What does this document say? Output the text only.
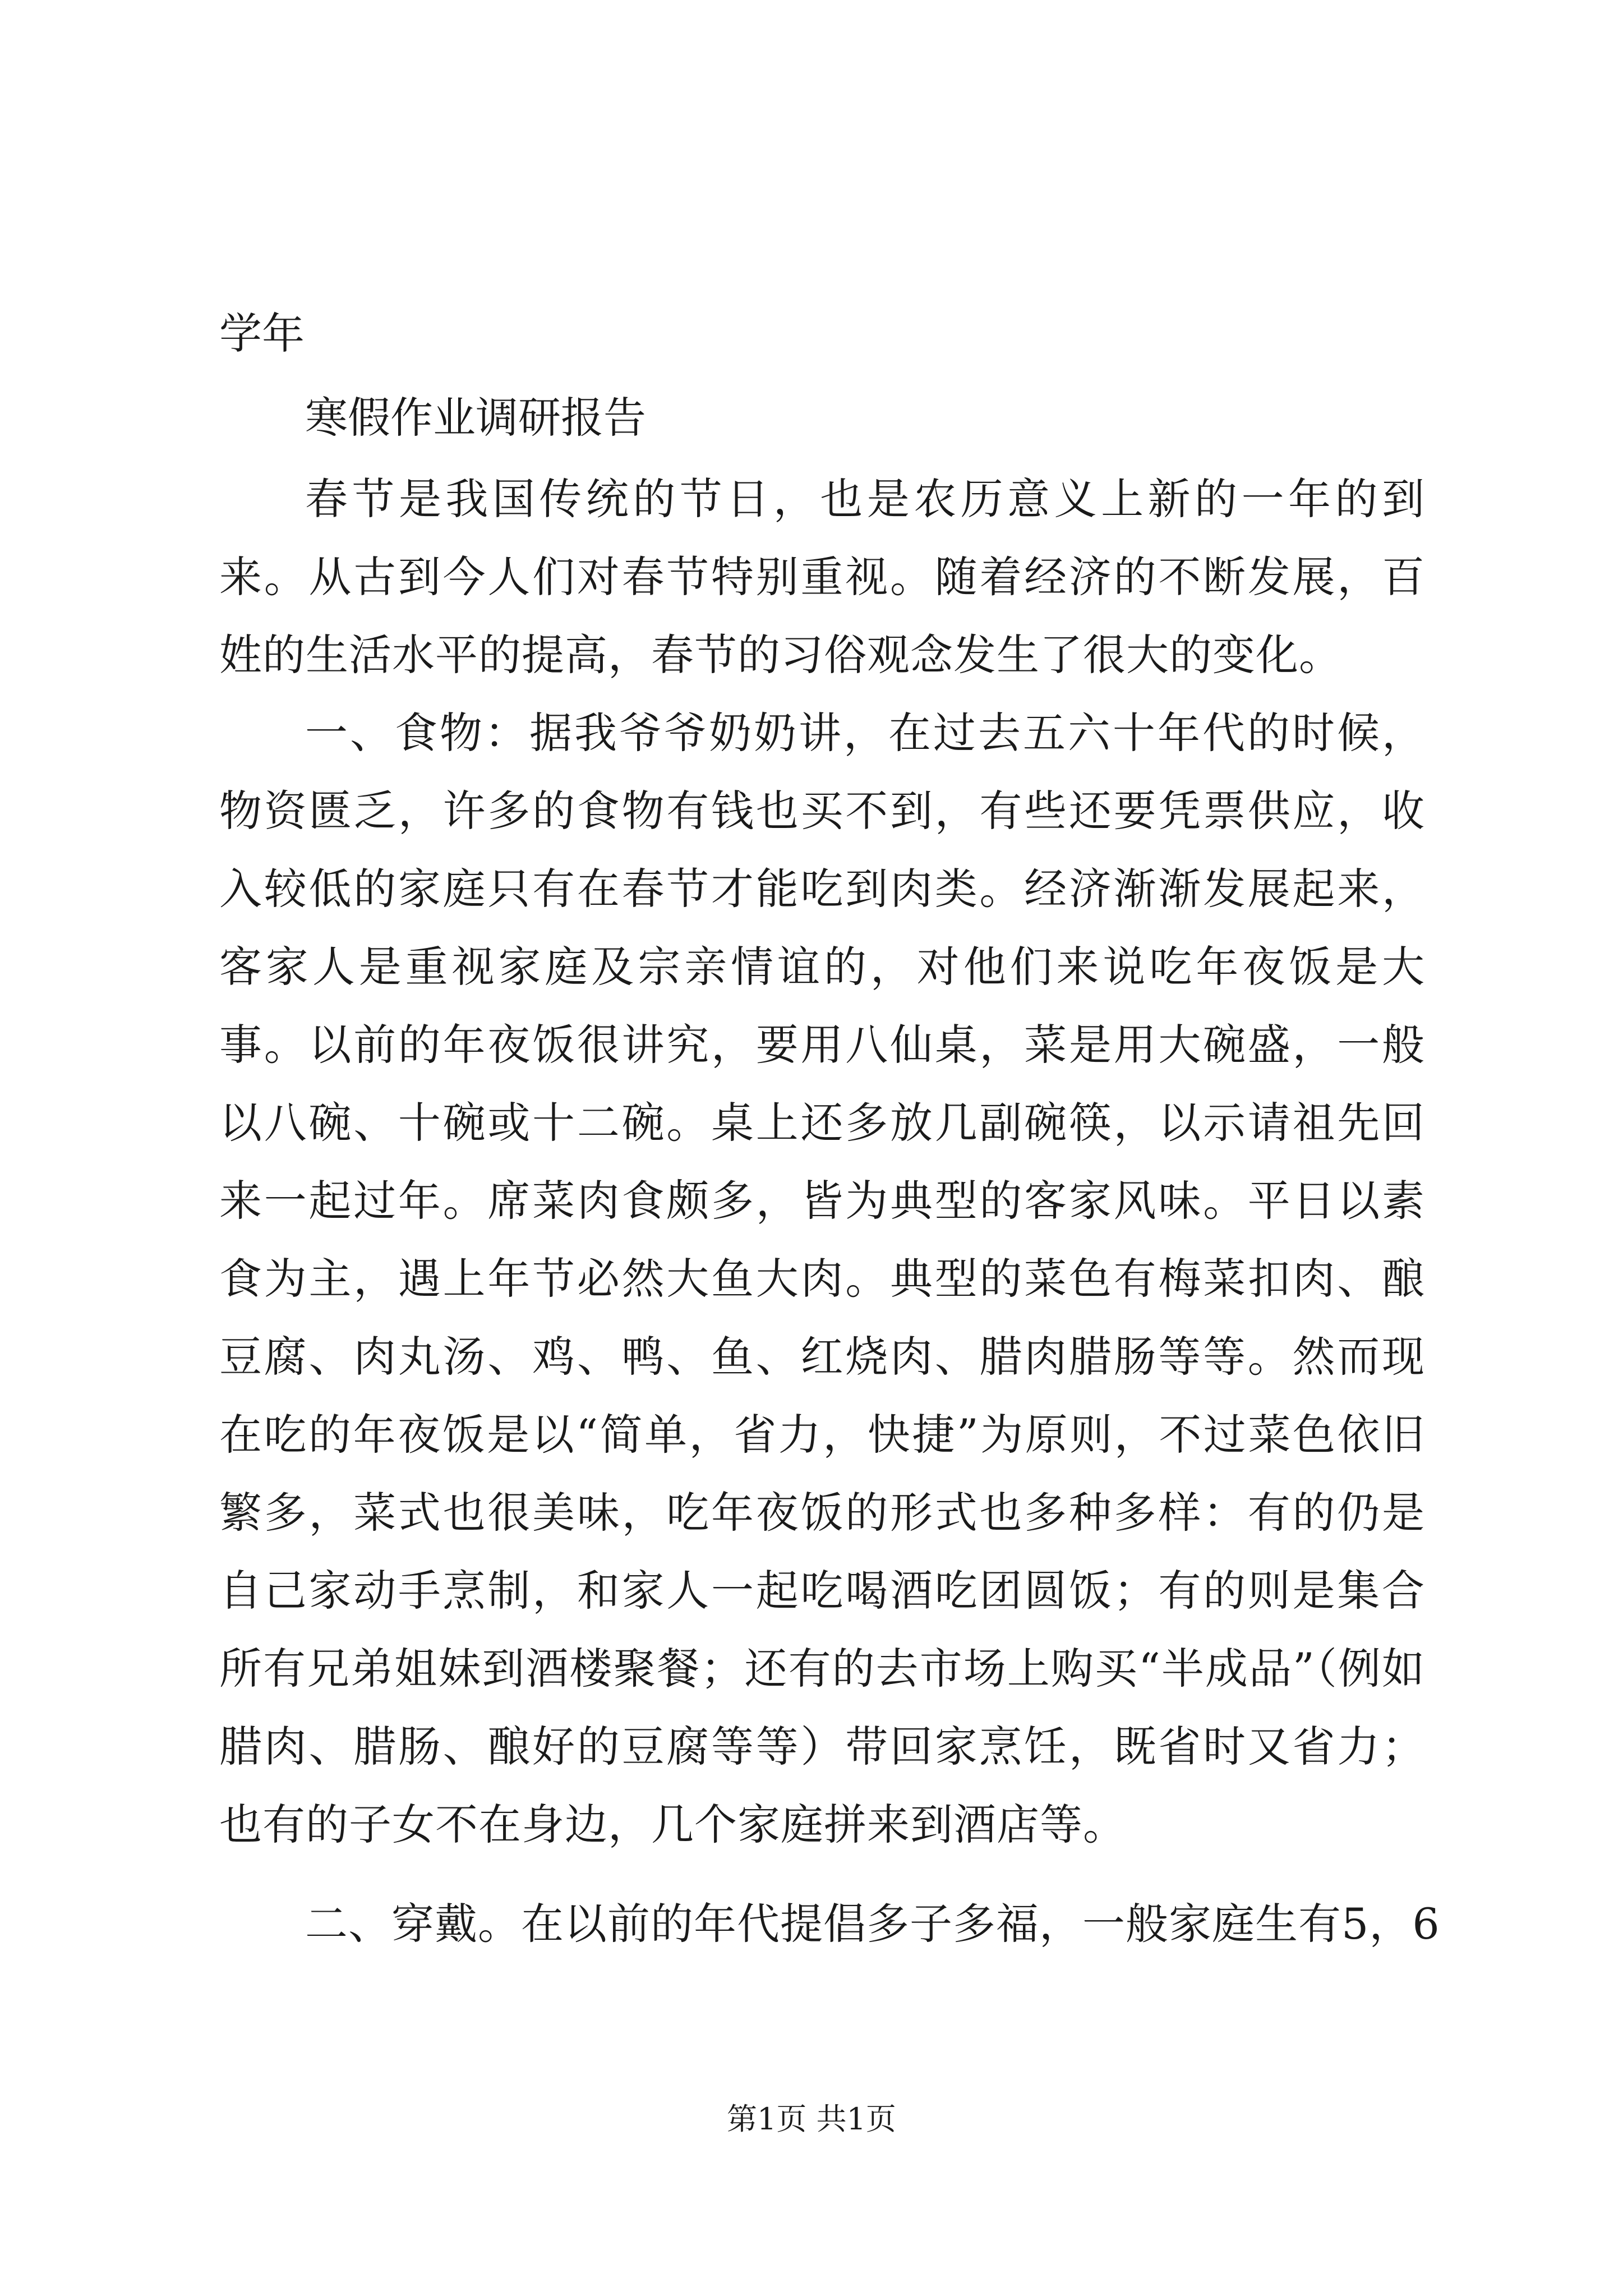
学年

寒假作业调研报告

春节是我国传统的节日，也是农历意义上新的一年的到来。从古到今人们对春节特别重视。随着经济的不断发展，百姓的生活水平的提高，春节的习俗观念发生了很大的变化。

一、食物：据我爷爷奶奶讲，在过去五六十年代的时候，物资匮乏，许多的食物有钱也买不到，有些还要凭票供应，收入较低的家庭只有在春节才能吃到肉类。经济渐渐发展起来，客家人是重视家庭及宗亲情谊的，对他们来说吃年夜饭是大事。以前的年夜饭很讲究，要用八仙桌，菜是用大碗盛，一般以八碗、十碗或十二碗。桌上还多放几副碗筷，以示请祖先回来一起过年。席菜肉食颇多，皆为典型的客家风味。平日以素食为主，遇上年节必然大鱼大肉。典型的菜色有梅菜扣肉、酿豆腐、肉丸汤、鸡、鸭、鱼、红烧肉、腊肉腊肠等等。然而现在吃的年夜饭是以“简单，省力，快捷”为原则，不过菜色依旧繁多，菜式也很美味，吃年夜饭的形式也多种多样：有的仍是自己家动手烹制，和家人一起吃喝酒吃团圆饭；有的则是集合所有兄弟姐妹到酒楼聚餐；还有的去市场上购买“半成品”（例如腊肉、腊肠、酿好的豆腐等等）带回家烹饪，既省时又省力；也有的子女不在身边，几个家庭拼来到酒店等。

二、穿戴。在以前的年代提倡多子多福，一般家庭生有5，6

第1页 共1页
